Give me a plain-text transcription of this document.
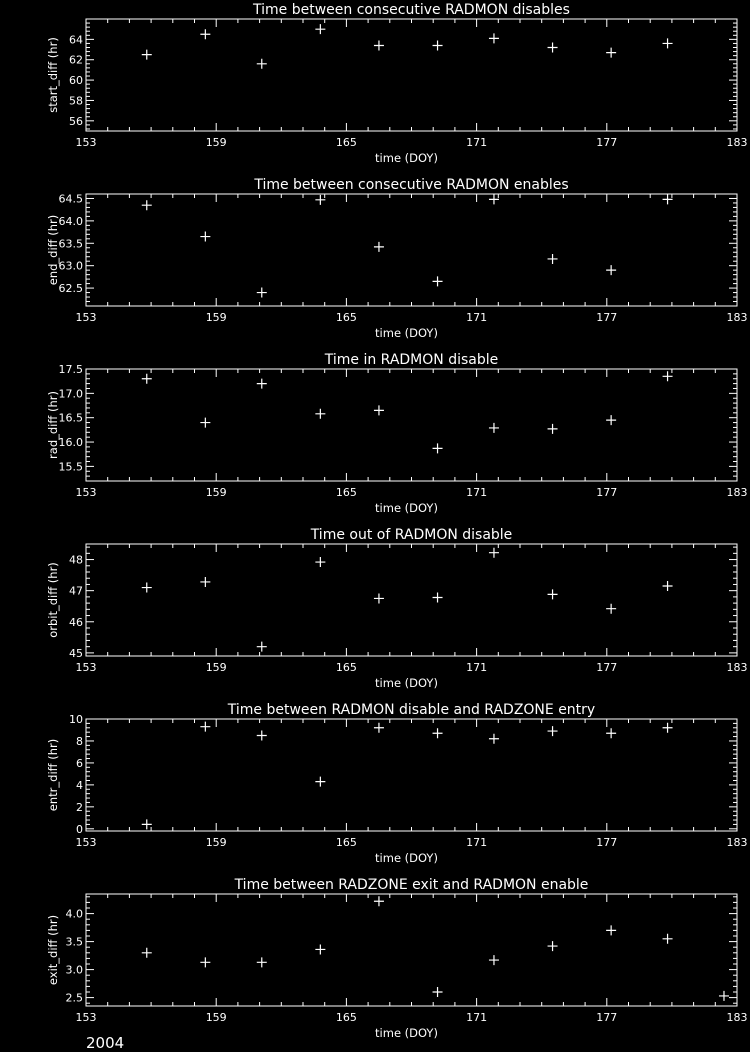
Time between consecutive RADMON disables
153	159	165	171	177	183
56
58
60
62
64
time (DOY)
start_diff (hr)
Time between consecutive RADMON enables
153	159	165	171	177	183
62.5
63.0
63.5
64.0
64.5
time (DOY)
end_diff (hr)
Time in RADMON disable
153	159	165	171	177	183
15.5
16.0
16.5
17.0
17.5
time (DOY)
rad_diff (hr)
Time out of RADMON disable
153	159	165	171	177	183
45
46
47
48
time (DOY)
orbit_diff (hr)
Time between RADMON disable and RADZONE entry
153	159	165	171	177	183
0
2
4
6
8
10
time (DOY)
entr_diff (hr)
Time between RADZONE exit and RADMON enable
153	159	165	171	177	183
2.5
3.0
3.5
4.0
time (DOY)
exit_diff (hr)
2004
